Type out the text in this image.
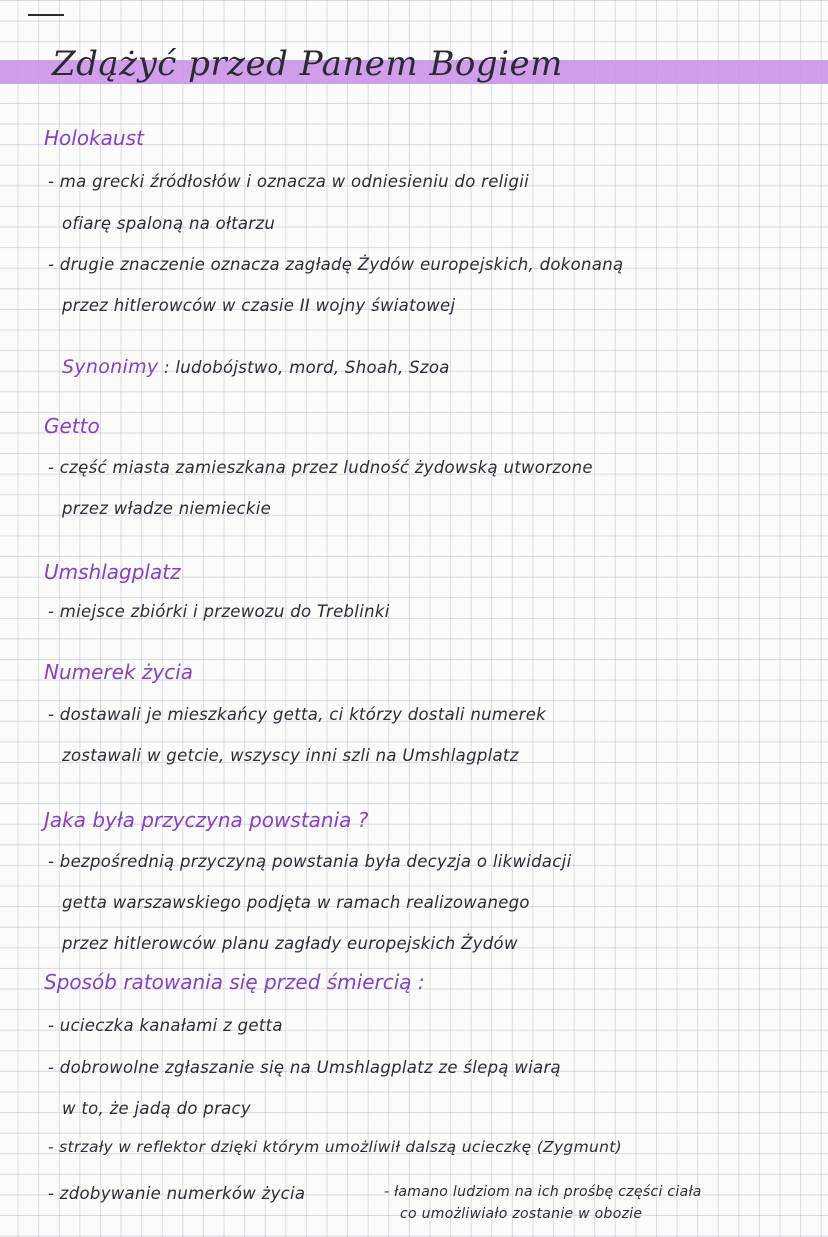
Zdążyć przed Panem Bogiem
Holokaust
- ma grecki źródłosłów i oznacza w odniesieniu do religii
ofiarę spaloną na ołtarzu
- drugie znaczenie oznacza zagładę Żydów europejskich, dokonaną
przez hitlerowców w czasie II wojny światowej
Synonimy : ludobójstwo, mord, Shoah, Szoa
Getto
- część miasta zamieszkana przez ludność żydowską utworzone
przez władze niemieckie
Umshlagplatz
- miejsce zbiórki i przewozu do Treblinki
Numerek życia
- dostawali je mieszkańcy getta, ci którzy dostali numerek
zostawali w getcie, wszyscy inni szli na Umshlagplatz
Jaka była przyczyna powstania ?
- bezpośrednią przyczyną powstania była decyzja o likwidacji
getta warszawskiego podjęta w ramach realizowanego
przez hitlerowców planu zagłady europejskich Żydów
Sposób ratowania się przed śmiercią :
- ucieczka kanałami z getta
- dobrowolne zgłaszanie się na Umshlagplatz ze ślepą wiarą
w to, że jadą do pracy
- strzały w reflektor dzięki którym umożliwił dalszą ucieczkę (Zygmunt)
- zdobywanie numerków życia	- łamano ludziom na ich prośbę części ciała
co umożliwiało zostanie w obozie
